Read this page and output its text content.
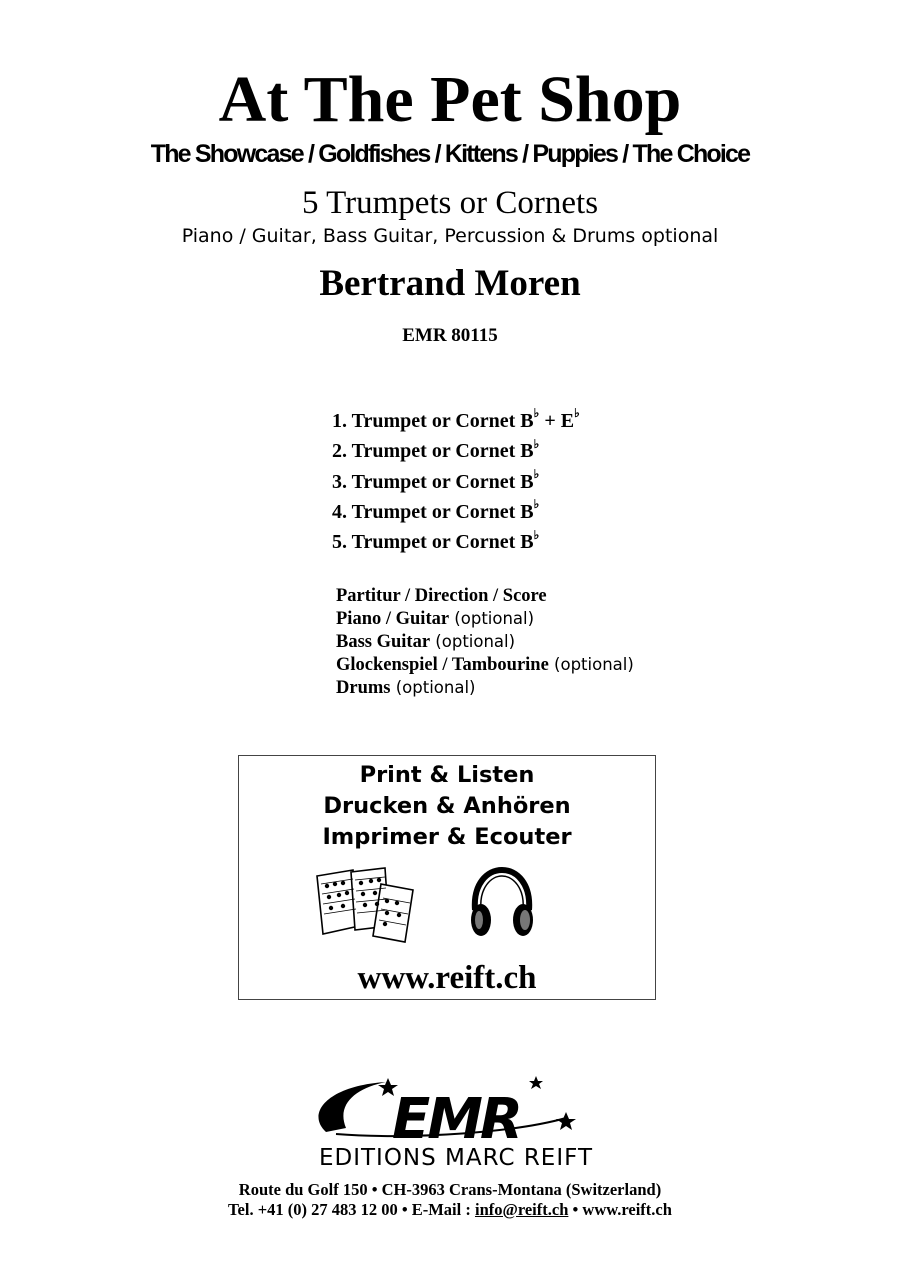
At The Pet Shop
The Showcase / Goldfishes / Kittens / Puppies / The Choice
5 Trumpets or Cornets
Piano / Guitar, Bass Guitar, Percussion & Drums optional
Bertrand Moren
EMR 80115
1. Trumpet or Cornet B♭ + E♭
2. Trumpet or Cornet B♭
3. Trumpet or Cornet B♭
4. Trumpet or Cornet B♭
5. Trumpet or Cornet B♭
Partitur / Direction / Score
Piano / Guitar (optional)
Bass Guitar (optional)
Glockenspiel / Tambourine (optional)
Drums (optional)
Print & Listen
Drucken & Anhören
Imprimer & Ecouter
www.reift.ch
EMR
EDITIONS MARC REIFT
Route du Golf 150 • CH-3963 Crans-Montana (Switzerland)
Tel. +41 (0) 27 483 12 00 • E-Mail : info@reift.ch • www.reift.ch
